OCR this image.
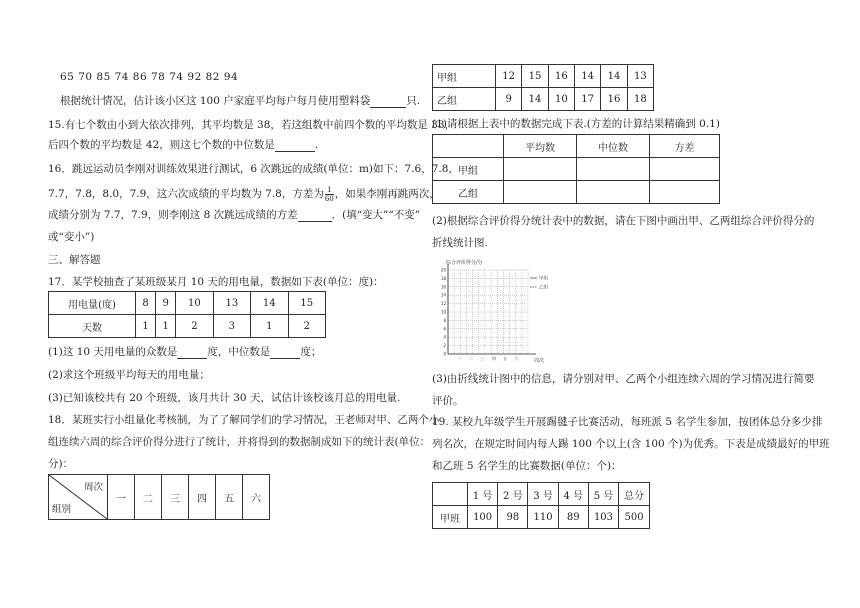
65 70 85 74 86 78 74 92 82 94
根据统计情况，估计该小区这 100 户家庭平均每户每月使用塑料袋	只.
15.有七个数由小到大依次排列，其平均数是 38，若这组数中前四个数的平均数是 33，
后四个数的平均数是 42，则这七个数的中位数是	.
16．跳远运动员李刚对训练效果进行测试，6 次跳远的成绩(单位：m)如下：7.6，7.8，
7.7，7.8，8.0，7.9，这六次成绩的平均数为 7.8，方差为 $\frac{1}{60}$ ，如果李刚再跳两次，
成绩分别为 7.7，7.9，则李刚这 8 次跳远成绩的方差	．(填“变大”“不变”
或“变小”)
三、解答题
17．某学校抽查了某班级某月 10 天的用电量，数据如下表(单位：度)：
用电量(度)	8	9	10	13	14	15
天数	1	1	2	3	1	2
(1)这 10 天用电量的众数是	度，中位数是	度；
(2)求这个班级平均每天的用电量；
(3)已知该校共有 20 个班级，该月共计 30 天，试估计该校该月总的用电量.
18．某班实行小组量化考核制，为了了解同学们的学习情况，王老师对甲、乙两个小
组连续六周的综合评价得分进行了统计，并将得到的数据制成如下的统计表(单位：
分)：
周次
组别
	一	二	三	四	五	六
甲组	12	15	16	14	14	13
乙组	9	14	10	17	16	18
(1)请根据上表中的数据完成下表.(方差的计算结果精确到 0.1)
	平均数	中位数	方差
甲组			
乙组			
(2)根据综合评价得分统计表中的数据，请在下图中画出甲、乙两组综合评价得分的
折线统计图.
综合评价得分/分
周次
0
2
4
6
8
10
12
14
16
18
20
一 二 三 四 五 六
甲组
乙组
(3)由折线统计图中的信息，请分别对甲、乙两个小组连续六周的学习情况进行简要
评价。
19. 某校九年级学生开展踢毽子比赛活动，每班派 5 名学生参加，按团体总分多少排
列名次，在规定时间内每人踢 100 个以上(含 100 个)为优秀。下表是成绩最好的甲班
和乙班 5 名学生的比赛数据(单位：个)：
	1 号	2 号	3 号	4 号	5 号	总分
甲班	100	98	110	89	103	500
